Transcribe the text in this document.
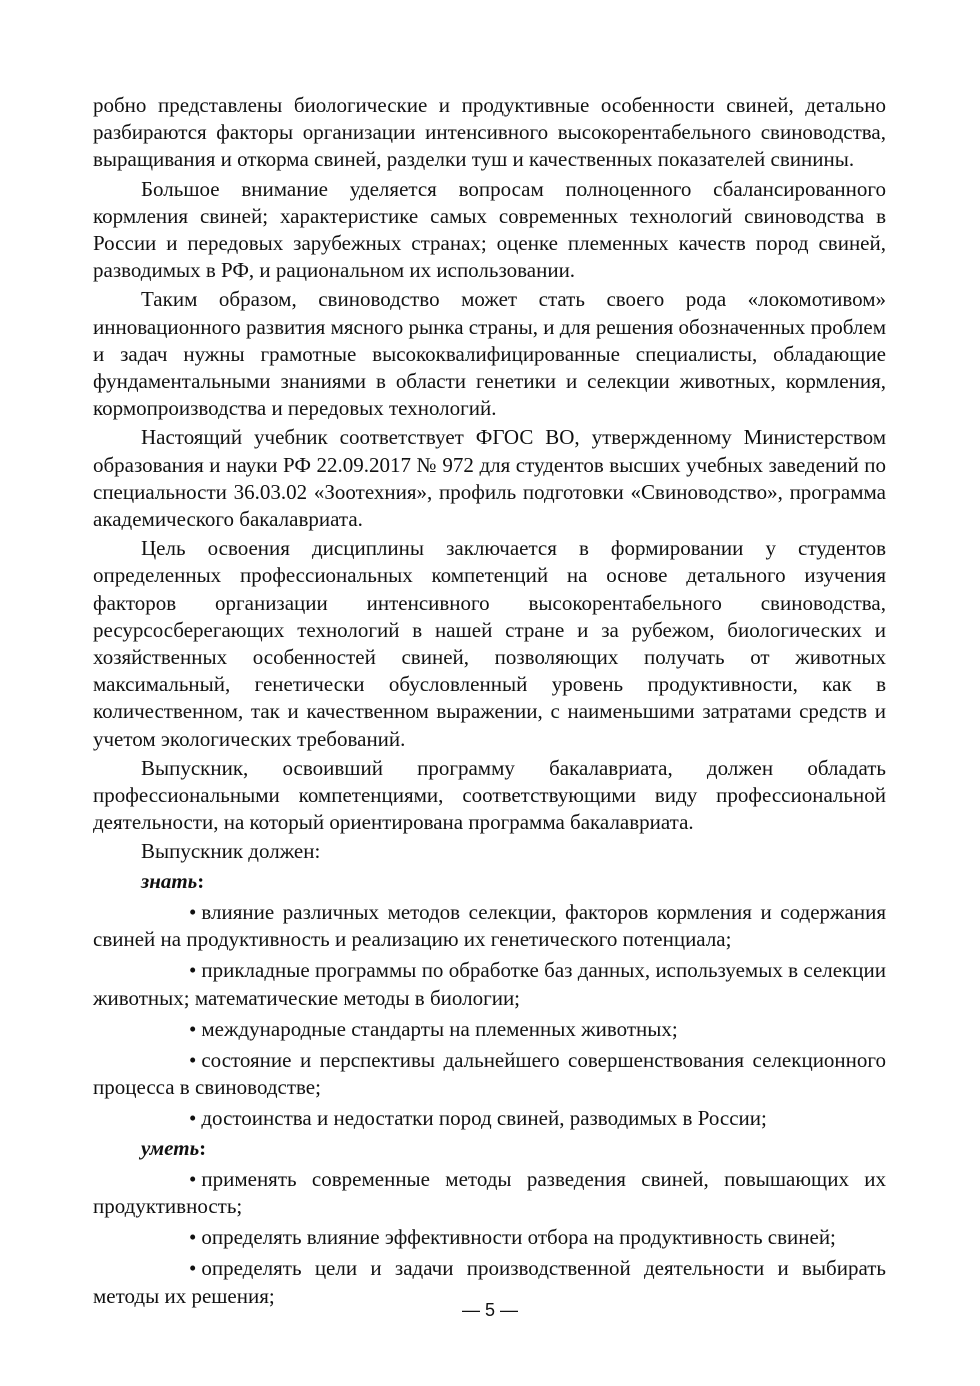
робно представлены биологические и продуктивные особенности свиней, детально разбираются факторы организации интенсивного высокорентабельного свиноводства, выращивания и откорма свиней, разделки туш и качественных показателей свинины.

Большое внимание уделяется вопросам полноценного сбалансированного кормления свиней; характеристике самых современных технологий свиноводства в России и передовых зарубежных странах; оценке племенных качеств пород свиней, разводимых в РФ, и рациональном их использовании.

Таким образом, свиноводство может стать своего рода «локомотивом» инновационного развития мясного рынка страны, и для решения обозначенных проблем и задач нужны грамотные высококвалифицированные специалисты, обладающие фундаментальными знаниями в области генетики и селекции животных, кормления, кормопроизводства и передовых технологий.

Настоящий учебник соответствует ФГОС ВО, утвержденному Министерством образования и науки РФ 22.09.2017 № 972 для студентов высших учебных заведений по специальности 36.03.02 «Зоотехния», профиль подготовки «Свиноводство», программа академического бакалавриата.

Цель освоения дисциплины заключается в формировании у студентов определенных профессиональных компетенций на основе детального изучения факторов организации интенсивного высокорентабельного свиноводства, ресурсосберегающих технологий в нашей стране и за рубежом, биологических и хозяйственных особенностей свиней, позволяющих получать от животных максимальный, генетически обусловленный уровень продуктивности, как в количественном, так и качественном выражении, с наименьшими затратами средств и учетом экологических требований.

Выпускник, освоивший программу бакалавриата, должен обладать профессиональными компетенциями, соответствующими виду профессиональной деятельности, на который ориентирована программа бакалавриата.

Выпускник должен:

знать:

• влияние различных методов селекции, факторов кормления и содержания свиней на продуктивность и реализацию их генетического потенциала;

• прикладные программы по обработке баз данных, используемых в селекции животных; математические методы в биологии;

• международные стандарты на племенных животных;

• состояние и перспективы дальнейшего совершенствования селекционного процесса в свиноводстве;

• достоинства и недостатки пород свиней, разводимых в России;

уметь:

• применять современные методы разведения свиней, повышающих их продуктивность;

• определять влияние эффективности отбора на продуктивность свиней;

• определять цели и задачи производственной деятельности и выбирать методы их решения;

— 5 —
